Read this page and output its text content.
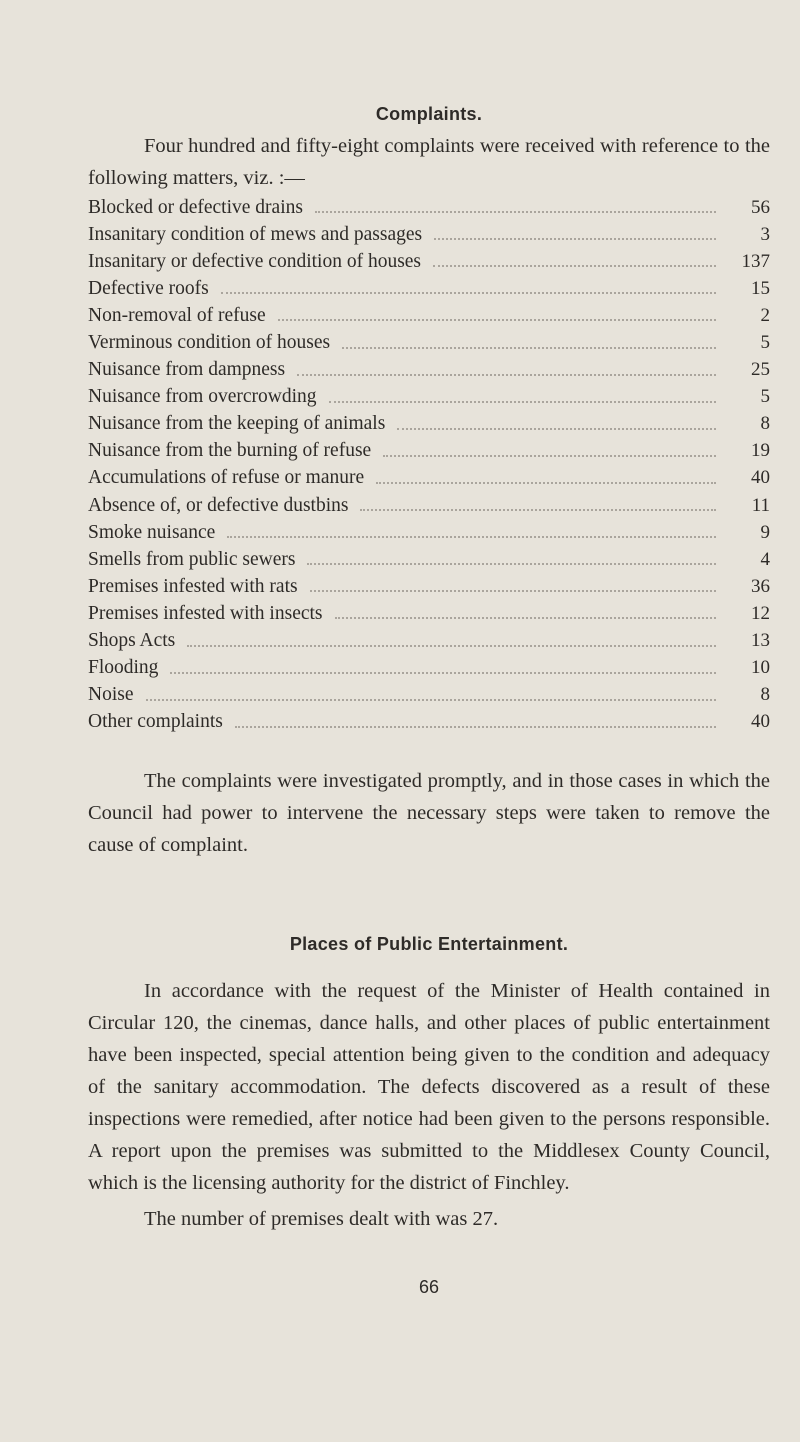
Complaints.

Four hundred and fifty-eight complaints were received with reference to the following matters, viz. :—

Blocked or defective drains	56
Insanitary condition of mews and passages	3
Insanitary or defective condition of houses	137
Defective roofs	15
Non-removal of refuse	2
Verminous condition of houses	5
Nuisance from dampness	25
Nuisance from overcrowding	5
Nuisance from the keeping of animals	8
Nuisance from the burning of refuse	19
Accumulations of refuse or manure	40
Absence of, or defective dustbins	11
Smoke nuisance	9
Smells from public sewers	4
Premises infested with rats	36
Premises infested with insects	12
Shops Acts	13
Flooding	10
Noise	8
Other complaints	40

The complaints were investigated promptly, and in those cases in which the Council had power to intervene the necessary steps were taken to remove the cause of complaint.

Places of Public Entertainment.

In accordance with the request of the Minister of Health contained in Circular 120, the cinemas, dance halls, and other places of public entertainment have been inspected, special attention being given to the condition and adequacy of the sanitary accommodation. The defects discovered as a result of these inspections were remedied, after notice had been given to the persons responsible. A report upon the premises was submitted to the Middlesex County Council, which is the licensing authority for the district of Finchley.

The number of premises dealt with was 27.

66
